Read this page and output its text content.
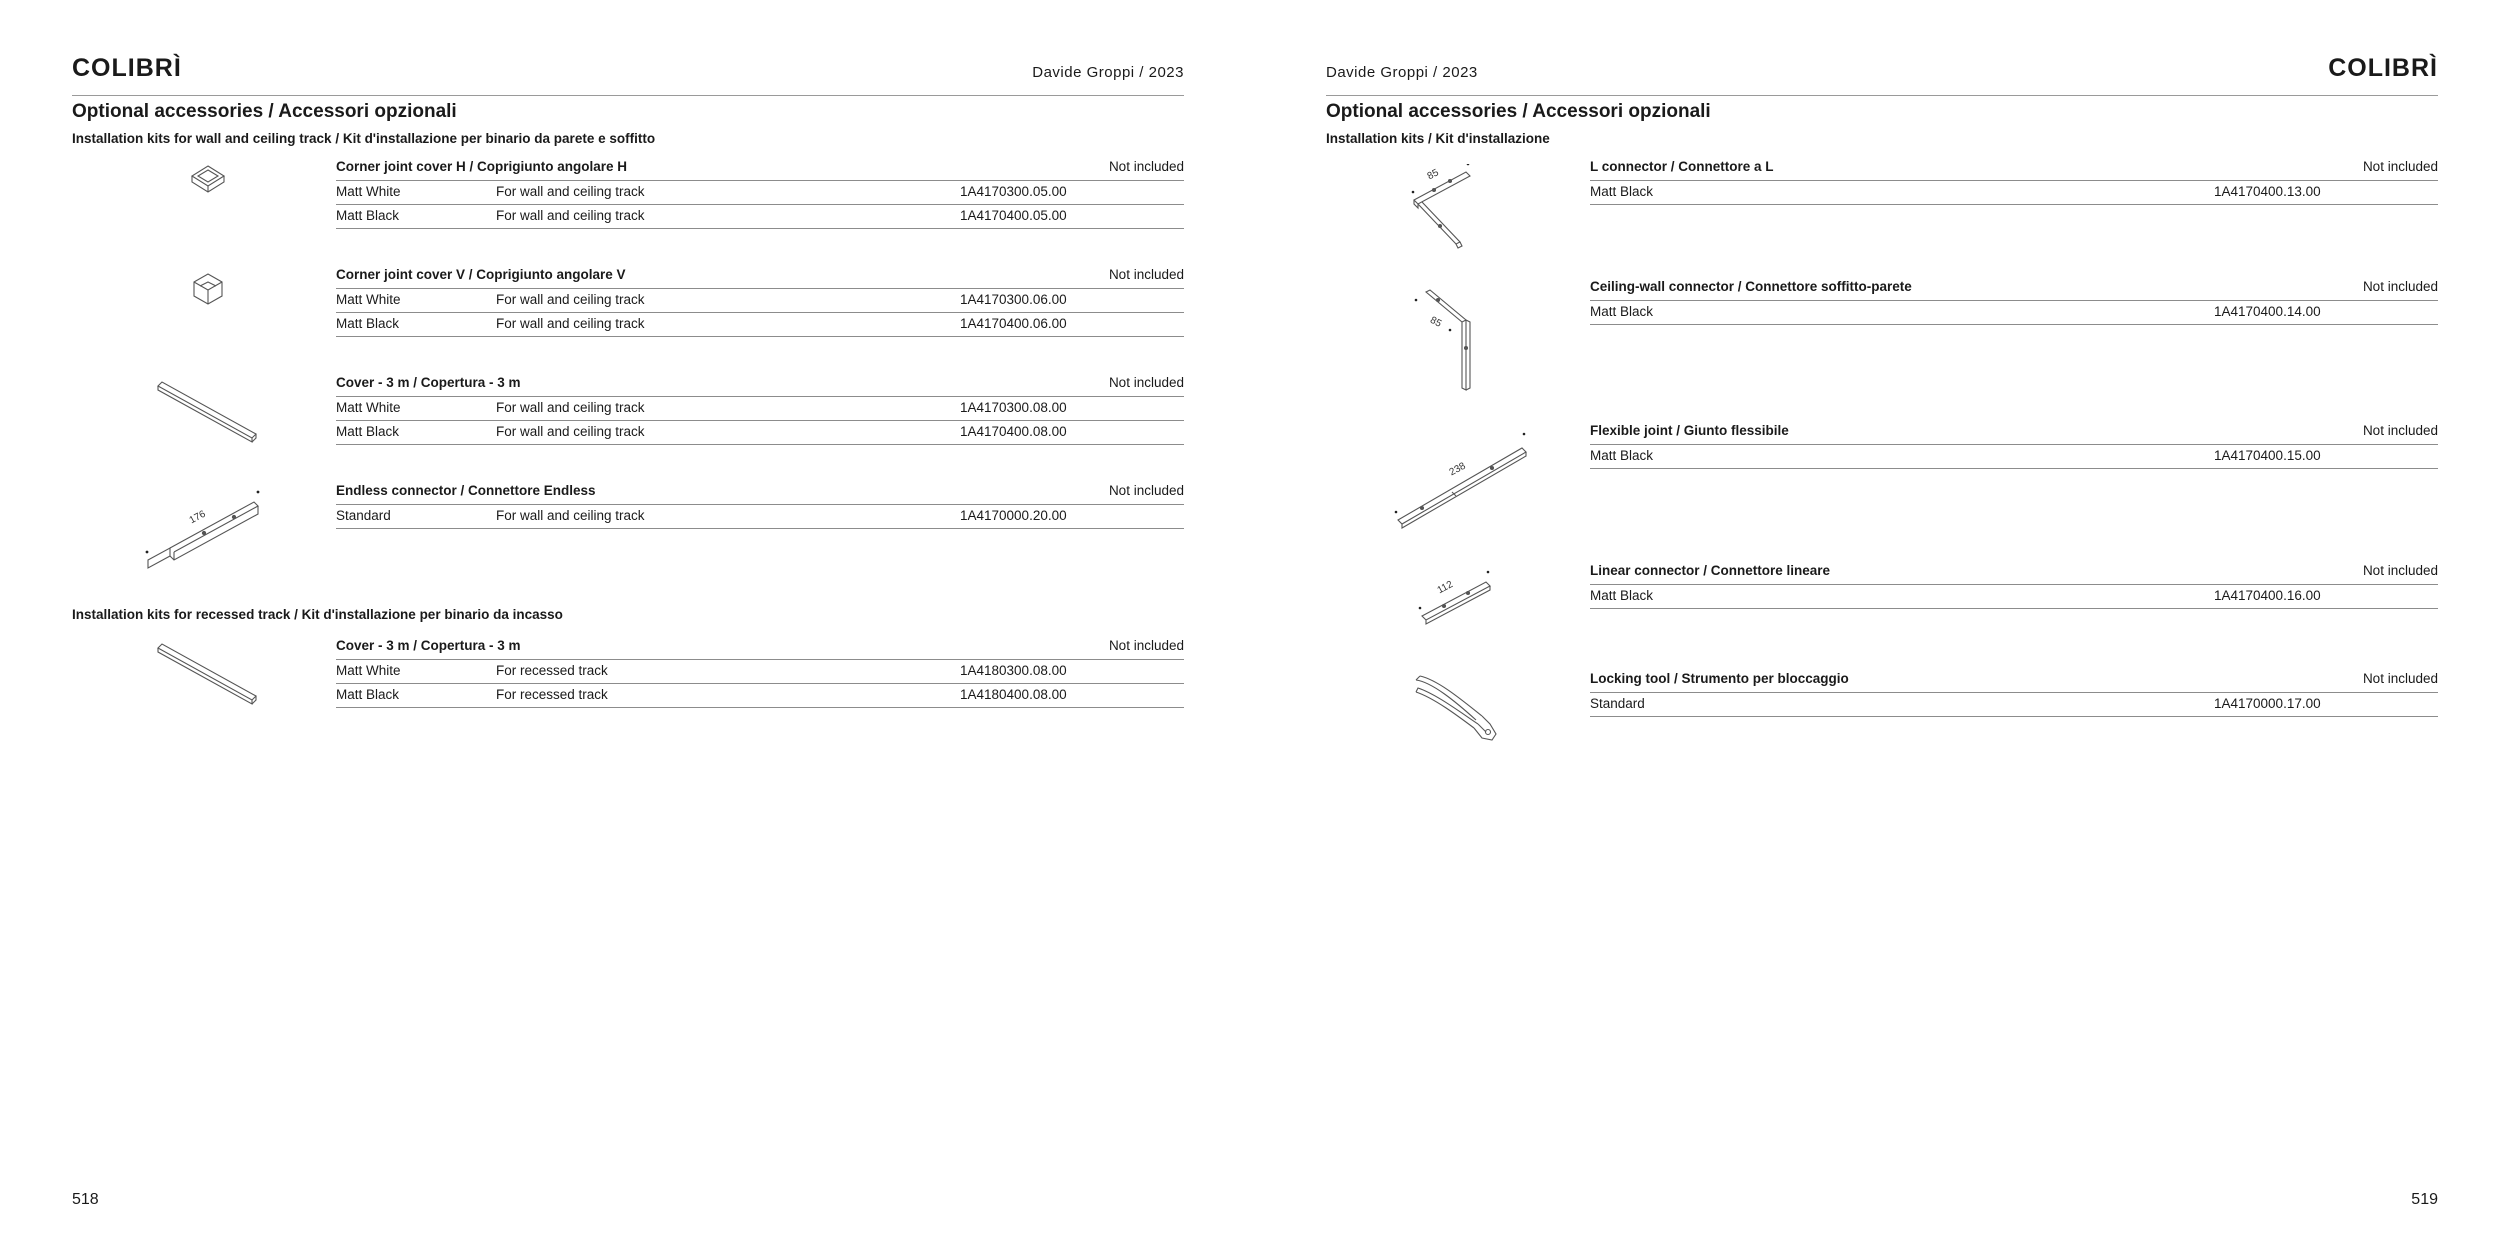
COLIBRÌ	Davide Groppi / 2023
Optional accessories / Accessori opzionali
Installation kits for wall and ceiling track / Kit d'installazione per binario da parete e soffitto
Corner joint cover H / Coprigiunto angolare H	Not included
Matt White	For wall and ceiling track	1A4170300.05.00
Matt Black	For wall and ceiling track	1A4170400.05.00
Corner joint cover V / Coprigiunto angolare V	Not included
Matt White	For wall and ceiling track	1A4170300.06.00
Matt Black	For wall and ceiling track	1A4170400.06.00
Cover - 3 m / Copertura - 3 m	Not included
Matt White	For wall and ceiling track	1A4170300.08.00
Matt Black	For wall and ceiling track	1A4170400.08.00
176
Endless connector / Connettore Endless	Not included
Standard	For wall and ceiling track	1A4170000.20.00
Installation kits for recessed track / Kit d'installazione per binario da incasso
Cover - 3 m / Copertura - 3 m	Not included
Matt White	For recessed track	1A4180300.08.00
Matt Black	For recessed track	1A4180400.08.00
518
Davide Groppi / 2023	COLIBRÌ
Optional accessories / Accessori opzionali
Installation kits / Kit d'installazione
85
L connector / Connettore a L	Not included
Matt Black	1A4170400.13.00
85
Ceiling-wall connector / Connettore soffitto-parete	Not included
Matt Black	1A4170400.14.00
238
Flexible joint / Giunto flessibile	Not included
Matt Black	1A4170400.15.00
112
Linear connector / Connettore lineare	Not included
Matt Black	1A4170400.16.00
Locking tool / Strumento per bloccaggio	Not included
Standard	1A4170000.17.00
519
